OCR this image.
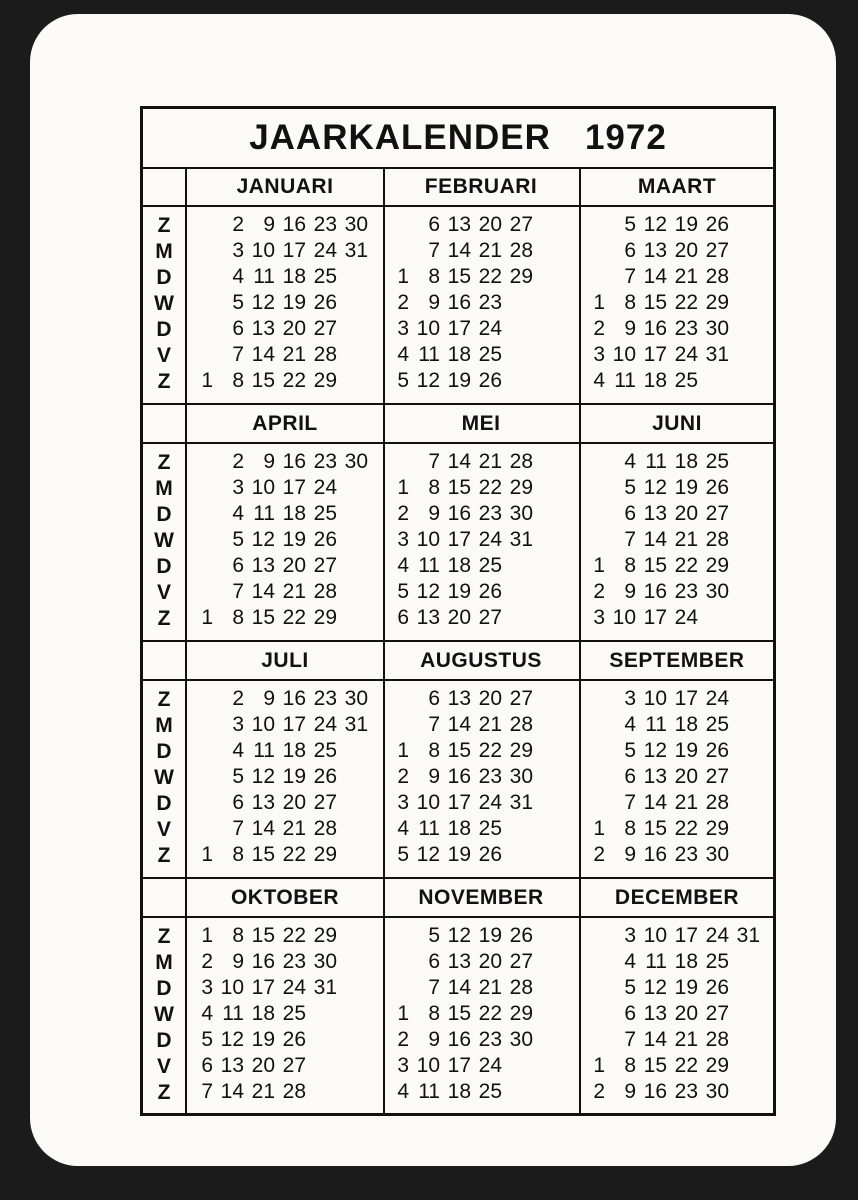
JAARKALENDER 1972
Z
M
D
W
D
V
Z
JANUARI
2 9 16 23 30
3 10 17 24 31
4 11 18 25
5 12 19 26
6 13 20 27
7 14 21 28
1 8 15 22 29
FEBRUARI
6 13 20 27
7 14 21 28
1 8 15 22 29
2 9 16 23
3 10 17 24
4 11 18 25
5 12 19 26
MAART
5 12 19 26
6 13 20 27
7 14 21 28
1 8 15 22 29
2 9 16 23 30
3 10 17 24 31
4 11 18 25
Z
M
D
W
D
V
Z
APRIL
2 9 16 23 30
3 10 17 24
4 11 18 25
5 12 19 26
6 13 20 27
7 14 21 28
1 8 15 22 29
MEI
7 14 21 28
1 8 15 22 29
2 9 16 23 30
3 10 17 24 31
4 11 18 25
5 12 19 26
6 13 20 27
JUNI
4 11 18 25
5 12 19 26
6 13 20 27
7 14 21 28
1 8 15 22 29
2 9 16 23 30
3 10 17 24
Z
M
D
W
D
V
Z
JULI
2 9 16 23 30
3 10 17 24 31
4 11 18 25
5 12 19 26
6 13 20 27
7 14 21 28
1 8 15 22 29
AUGUSTUS
6 13 20 27
7 14 21 28
1 8 15 22 29
2 9 16 23 30
3 10 17 24 31
4 11 18 25
5 12 19 26
SEPTEMBER
3 10 17 24
4 11 18 25
5 12 19 26
6 13 20 27
7 14 21 28
1 8 15 22 29
2 9 16 23 30
Z
M
D
W
D
V
Z
OKTOBER
1 8 15 22 29
2 9 16 23 30
3 10 17 24 31
4 11 18 25
5 12 19 26
6 13 20 27
7 14 21 28
NOVEMBER
5 12 19 26
6 13 20 27
7 14 21 28
1 8 15 22 29
2 9 16 23 30
3 10 17 24
4 11 18 25
DECEMBER
3 10 17 24 31
4 11 18 25
5 12 19 26
6 13 20 27
7 14 21 28
1 8 15 22 29
2 9 16 23 30
